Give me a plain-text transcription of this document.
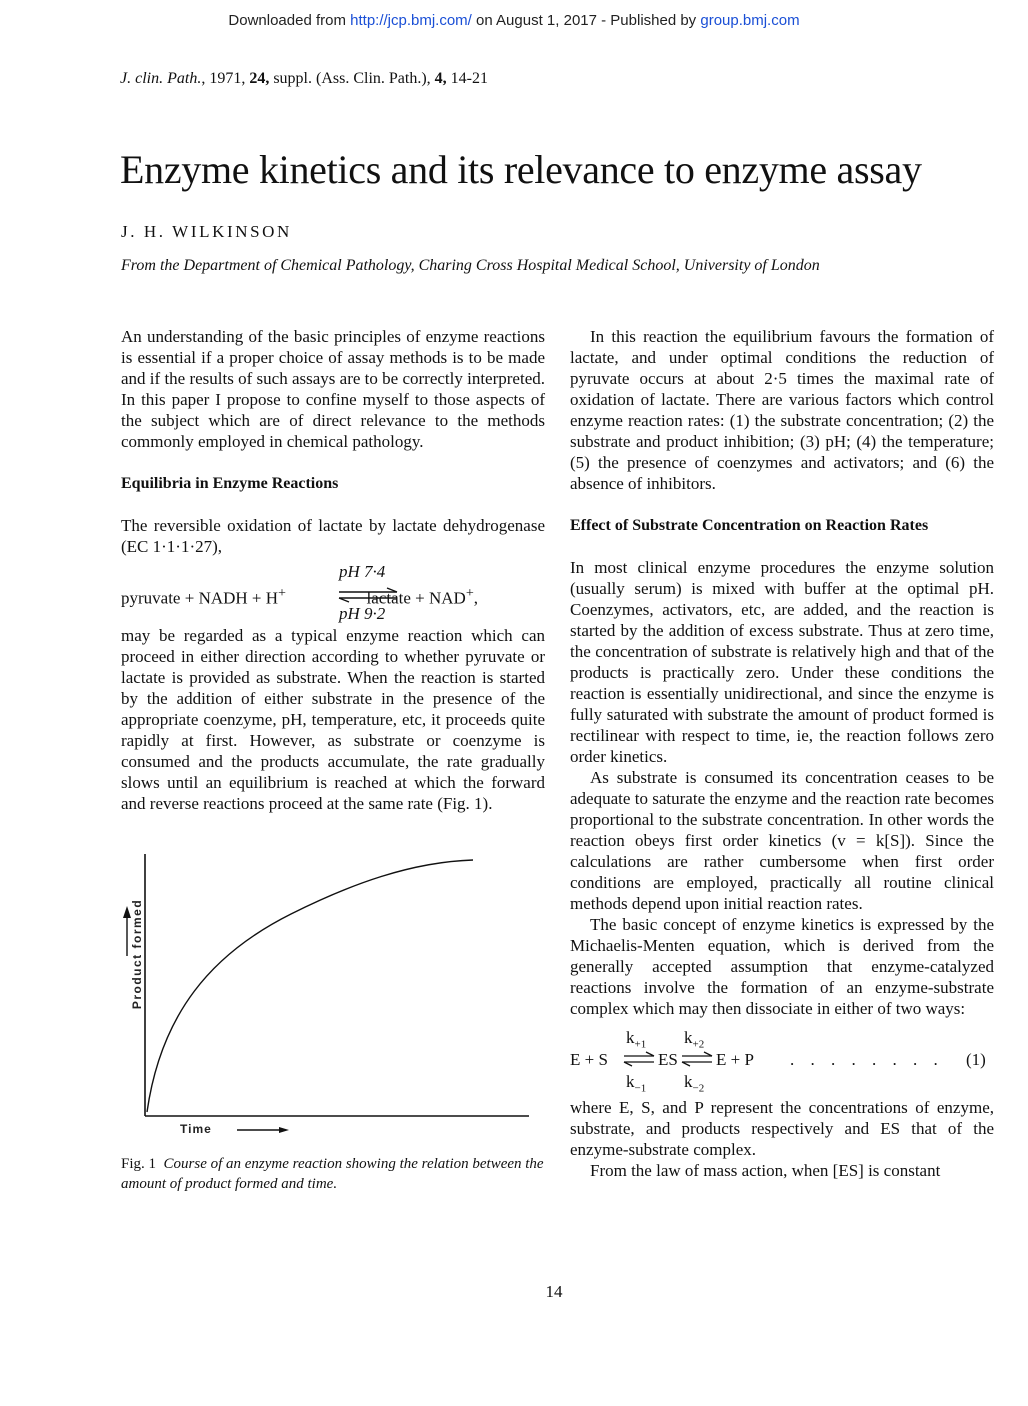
Downloaded from http://jcp.bmj.com/ on August 1, 2017 - Published by group.bmj.com
J. clin. Path., 1971, 24, suppl. (Ass. Clin. Path.), 4, 14-21
Enzyme kinetics and its relevance to enzyme assay
J. H. WILKINSON
From the Department of Chemical Pathology, Charing Cross Hospital Medical School, University of London

An understanding of the basic principles of enzyme reactions is essential if a proper choice of assay methods is to be made and if the results of such assays are to be correctly interpreted. In this paper I propose to confine myself to those aspects of the subject which are of direct relevance to the methods commonly employed in chemical pathology.

Equilibria in Enzyme Reactions

The reversible oxidation of lactate by lactate dehydrogenase (EC 1·1·1·27),

pH 7·4
pyruvate + NADH + H+	lactate + NAD+,
pH 9·2

may be regarded as a typical enzyme reaction which can proceed in either direction according to whether pyruvate or lactate is provided as substrate. When the reaction is started by the addition of either substrate in the presence of the appropriate coenzyme, pH, temperature, etc, it proceeds quite rapidly at first. However, as substrate or coenzyme is consumed and the products accumulate, the rate gradually slows until an equilibrium is reached at which the forward and reverse reactions proceed at the same rate (Fig. 1).

Product formed
Time

Fig. 1 Course of an enzyme reaction showing the relation between the amount of product formed and time.

In this reaction the equilibrium favours the formation of lactate, and under optimal conditions the reduction of pyruvate occurs at about 2·5 times the maximal rate of oxidation of lactate. There are various factors which control enzyme reaction rates: (1) the substrate concentration; (2) the substrate and product inhibition; (3) pH; (4) the temperature; (5) the presence of coenzymes and activators; and (6) the absence of inhibitors.

Effect of Substrate Concentration on Reaction Rates

In most clinical enzyme procedures the enzyme solution (usually serum) is mixed with buffer at the optimal pH. Coenzymes, activators, etc, are added, and the reaction is started by the addition of excess substrate. Thus at zero time, the concentration of substrate is relatively high and that of the products is practically zero. Under these conditions the reaction is essentially unidirectional, and since the enzyme is fully saturated with substrate the amount of product formed is rectilinear with respect to time, ie, the reaction follows zero order kinetics.

As substrate is consumed its concentration ceases to be adequate to saturate the enzyme and the reaction rate becomes proportional to the substrate concentration. In other words the reaction obeys first order kinetics (v = k[S]). Since the calculations are rather cumbersome when first order conditions are employed, practically all routine clinical methods depend upon initial reaction rates.

The basic concept of enzyme kinetics is expressed by the Michaelis-Menten equation, which is derived from the generally accepted assumption that enzyme-catalyzed reactions involve the formation of an enzyme-substrate complex which may then dissociate in either of two ways:

$k_{+1}$ $k_{+2}$
E + S ⇌ ES ⇌ E + P . . . . . . . . (1)
$k_{-1}$ $k_{-2}$

where E, S, and P represent the concentrations of enzyme, substrate, and products respectively and ES that of the enzyme-substrate complex.

From the law of mass action, when [ES] is constant

14
